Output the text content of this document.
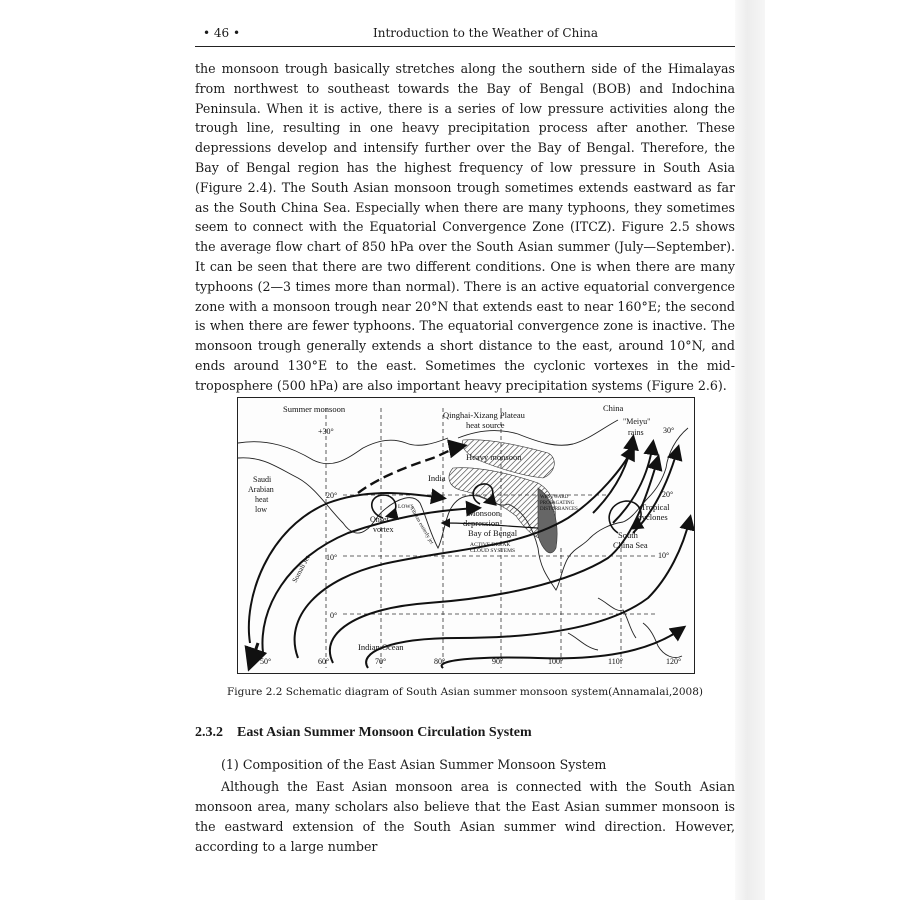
• 46 •	Introduction to the Weather of China

the monsoon trough basically stretches along the southern side of the Himalayas from northwest to southeast towards the Bay of Bengal (BOB) and Indochina Peninsula. When it is active, there is a series of low pressure activities along the trough line, resulting in one heavy precipitation process after another. These depressions develop and intensify further over the Bay of Bengal. Therefore, the Bay of Bengal region has the highest frequency of low pressure in South Asia (Figure 2.4). The South Asian monsoon trough sometimes extends eastward as far as the South China Sea. Especially when there are many typhoons, they sometimes seem to connect with the Equatorial Convergence Zone (ITCZ). Figure 2.5 shows the average flow chart of 850 hPa over the South Asian summer (July—September). It can be seen that there are two different conditions. One is when there are many typhoons (2—3 times more than normal). There is an active equatorial convergence zone with a monsoon trough near 20°N that extends east to near 160°E; the second is when there are fewer typhoons. The equatorial convergence zone is inactive. The monsoon trough generally extends a short distance to the east, around 10°N, and ends around 130°E to the east. Sometimes the cyclonic vortexes in the mid-troposphere (500 hPa) are also important heavy precipitation systems (Figure 2.6).

Summer monsoon
+30°
Qinghai-Xizang Plateau
heat source
China
"Meiyu"
rains 30°
Heavy monsoon
India
Saudi
Arabian
heat
low
20°
LOWS
WESTWARD
PROPAGATING
DISTURBANCES
20°
Monsoon
depression
Bay of Bengal
Tropical
cyclones
Onset
vortex
ACTIVE/BREAK
CLOUD SYSTEMS
South
China Sea
10°	10°
Somali Jet
Tibetan easterly jet
0°
Indian Ocean
50°	60°	70°	80°	90°	100°	110°	120°
Figure 2.2 Schematic diagram of South Asian summer monsoon system(Annamalai,2008)
2.3.2 East Asian Summer Monsoon Circulation System
(1) Composition of the East Asian Summer Monsoon System

Although the East Asian monsoon area is connected with the South Asian monsoon area, many scholars also believe that the East Asian summer monsoon is the eastward extension of the South Asian summer wind direction. However, according to a large number
